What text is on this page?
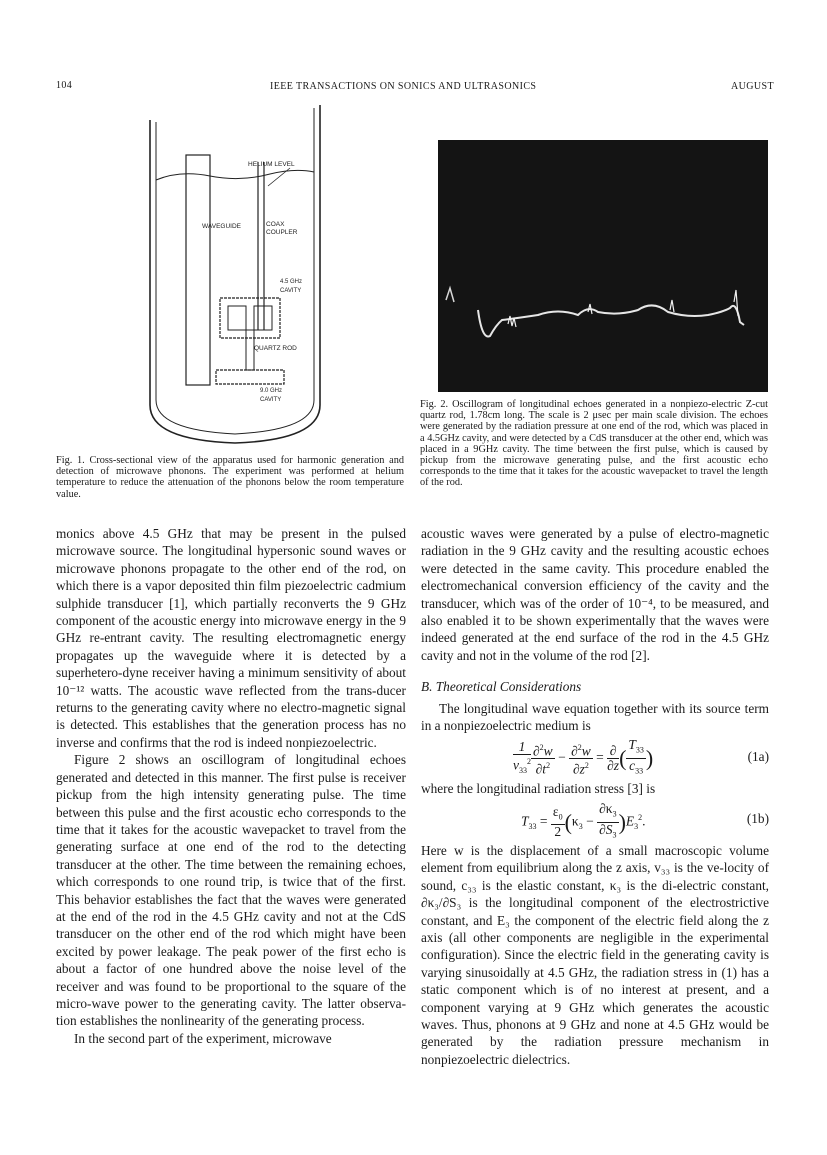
104	IEEE TRANSACTIONS ON SONICS AND ULTRASONICS	AUGUST
HELIUM LEVEL
WAVEGUIDE	COAX
COUPLER
4.5 GHz
CAVITY
QUARTZ ROD
9.0 GHz
CAVITY
Fig. 1. Cross-sectional view of the apparatus used for harmonic generation and detection of microwave phonons. The experiment was performed at helium temperature to reduce the attenuation of the phonons below the room temperature value.
Fig. 2. Oscillogram of longitudinal echoes generated in a nonpiezo-electric Z-cut quartz rod, 1.78cm long. The scale is 2 μsec per main scale division. The echoes were generated by the radiation pressure at one end of the rod, which was placed in a 4.5GHz cavity, and were detected by a CdS transducer at the other end, which was placed in a 9GHz cavity. The time between the first pulse, which is caused by pickup from the microwave generating pulse, and the first acoustic echo corresponds to the time that it takes for the acoustic wavepacket to travel the length of the rod.

monics above 4.5 GHz that may be present in the pulsed microwave source. The longitudinal hypersonic sound waves or microwave phonons propagate to the other end of the rod, on which there is a vapor deposited thin film piezoelectric cadmium sulphide transducer [1], which partially reconverts the 9 GHz component of the acoustic energy into microwave energy in the 9 GHz re-entrant cavity. The resulting electromagnetic energy propagates up the waveguide where it is detected by a superhetero-dyne receiver having a minimum sensitivity of about 10⁻¹² watts. The acoustic wave reflected from the trans-ducer returns to the generating cavity where no electro-magnetic signal is detected. This establishes that the generation process has no inverse and confirms that the rod is indeed nonpiezoelectric.

Figure 2 shows an oscillogram of longitudinal echoes generated and detected in this manner. The first pulse is receiver pickup from the high intensity generating pulse. The time between this pulse and the first acoustic echo corresponds to the time that it takes for the acoustic wavepacket to travel from the generating surface at one end of the rod to the detecting transducer at the other. The time between the remaining echoes, which corresponds to one round trip, is twice that of the first. This behavior establishes the fact that the waves were generated at the end of the rod in the 4.5 GHz cavity and not at the CdS transducer on the other end of the rod which might have been excited by power leakage. The peak power of the first echo is about a factor of one hundred above the noise level of the receiver and was found to be proportional to the square of the micro-wave power to the generating cavity. The latter observa-tion establishes the nonlinearity of the generating process.

In the second part of the experiment, microwave

acoustic waves were generated by a pulse of electro-magnetic radiation in the 9 GHz cavity and the resulting acoustic echoes were detected in the same cavity. This procedure enabled the electromechanical conversion efficiency of the cavity and the transducer, which was of the order of 10⁻⁴, to be measured, and also enabled it to be shown experimentally that the waves were indeed generated at the end surface of the rod in the 4.5 GHz cavity and not in the volume of the rod [2].

B. Theoretical Considerations

The longitudinal wave equation together with its source term in a nonpiezoelectric medium is

$\frac{1}{v_{33}^2} \frac{\partial^2w}{\partial t^2} - \frac{\partial^2w}{\partial z^2} = \frac{\partial}{\partial z}$ ( $\frac{T_{33}}{c_{33}}$ )	(1a)

where the longitudinal radiation stress [3] is

$T_{33} = \frac{\varepsilon_0}{2} (\kappa_3 - \frac{\partial\kappa_3}{\partial S_3} )E_3^2$.	(1b)

Here w is the displacement of a small macroscopic volume element from equilibrium along the z axis, v₃₃ is the ve-locity of sound, c₃₃ is the elastic constant, κ₃ is the di-electric constant, ∂κ₃/∂S₃ is the longitudinal component of the electrostrictive constant, and E₃ the component of the electric field along the z axis (all other components are negligible in the experimental configuration). Since the electric field in the generating cavity is varying sinusoidally at 4.5 GHz, the radiation stress in (1) has a static component which is of no interest at present, and a component varying at 9 GHz which generates the acoustic waves. Thus, phonons at 9 GHz and none at 4.5 GHz would be generated by the radiation pressure mechanism in nonpiezoelectric dielectrics.
